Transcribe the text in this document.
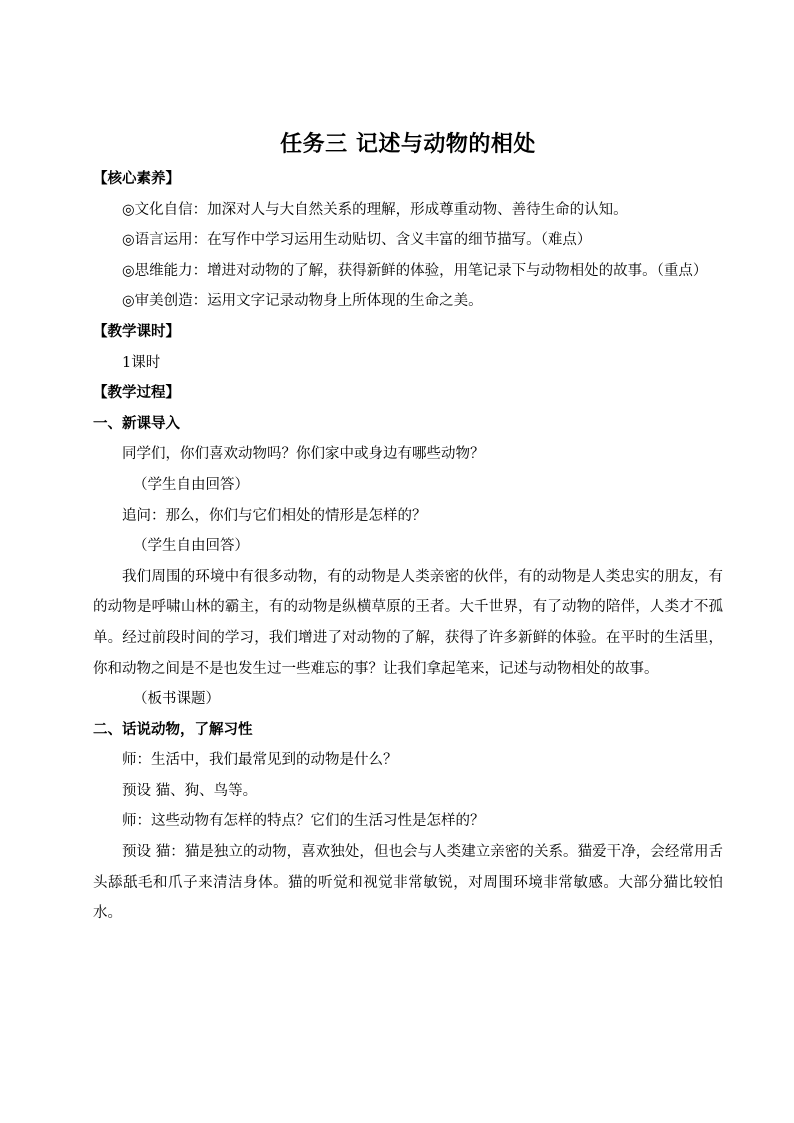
任务三 记述与动物的相处

【核心素养】

◎文化自信：加深对人与大自然关系的理解，形成尊重动物、善待生命的认知。

◎语言运用：在写作中学习运用生动贴切、含义丰富的细节描写。（难点）

◎思维能力：增进对动物的了解，获得新鲜的体验，用笔记录下与动物相处的故事。（重点）

◎审美创造：运用文字记录动物身上所体现的生命之美。

【教学课时】

1课时

【教学过程】

一、新课导入

同学们，你们喜欢动物吗？你们家中或身边有哪些动物？

（学生自由回答）

追问：那么，你们与它们相处的情形是怎样的？

（学生自由回答）

我们周围的环境中有很多动物，有的动物是人类亲密的伙伴，有的动物是人类忠实的朋友，有的动物是呼啸山林的霸主，有的动物是纵横草原的王者。大千世界，有了动物的陪伴，人类才不孤单。经过前段时间的学习，我们增进了对动物的了解，获得了许多新鲜的体验。在平时的生活里，你和动物之间是不是也发生过一些难忘的事？让我们拿起笔来，记述与动物相处的故事。

（板书课题）

二、话说动物，了解习性

师：生活中，我们最常见到的动物是什么？

预设 猫、狗、鸟等。

师：这些动物有怎样的特点？它们的生活习性是怎样的？

预设 猫：猫是独立的动物，喜欢独处，但也会与人类建立亲密的关系。猫爱干净，会经常用舌头舔舐毛和爪子来清洁身体。猫的听觉和视觉非常敏锐，对周围环境非常敏感。大部分猫比较怕水。
